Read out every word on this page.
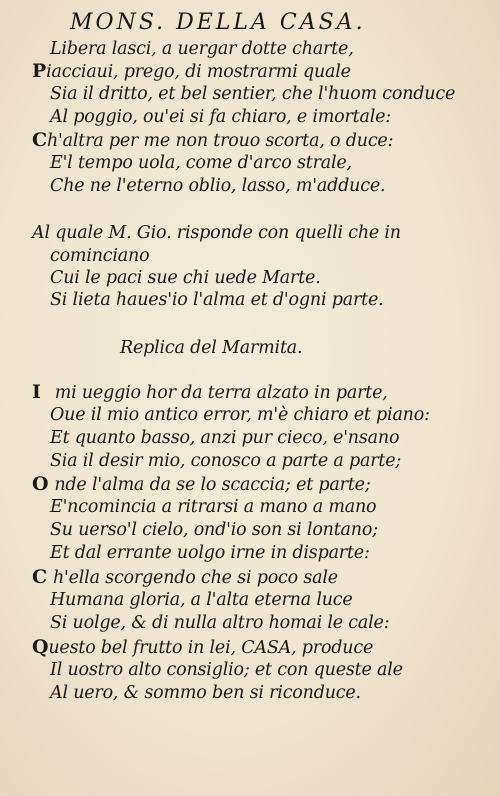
MONS. DELLA CASA.
Libera lasci, a uergar dotte charte,
Piacciaui, prego, di mostrarmi quale
Sia il dritto, et bel sentier, che l'huom conduce
Al poggio, ou'ei si fa chiaro, e imortale:
Ch'altra per me non trouo scorta, o duce:
E'l tempo uola, come d'arco strale,
Che ne l'eterno oblio, lasso, m'adduce.
Al quale M. Gio. risponde con quelli che in
cominciano
Cui le paci sue chi uede Marte.
Si lieta haues'io l'alma et d'ogni parte.
Replica del Marmita.
I mi ueggio hor da terra alzato in parte,
Oue il mio antico error, m'è chiaro et piano:
Et quanto basso, anzi pur cieco, e'nsano
Sia il desir mio, conosco a parte a parte;
O nde l'alma da se lo scaccia; et parte;
E'ncomincia a ritrarsi a mano a mano
Su uerso'l cielo, ond'io son si lontano;
Et dal errante uolgo irne in disparte:
C h'ella scorgendo che si poco sale
Humana gloria, a l'alta eterna luce
Si uolge, & di nulla altro homai le cale:
Questo bel frutto in lei, CASA, produce
Il uostro alto consiglio; et con queste ale
Al uero, & sommo ben si riconduce.
